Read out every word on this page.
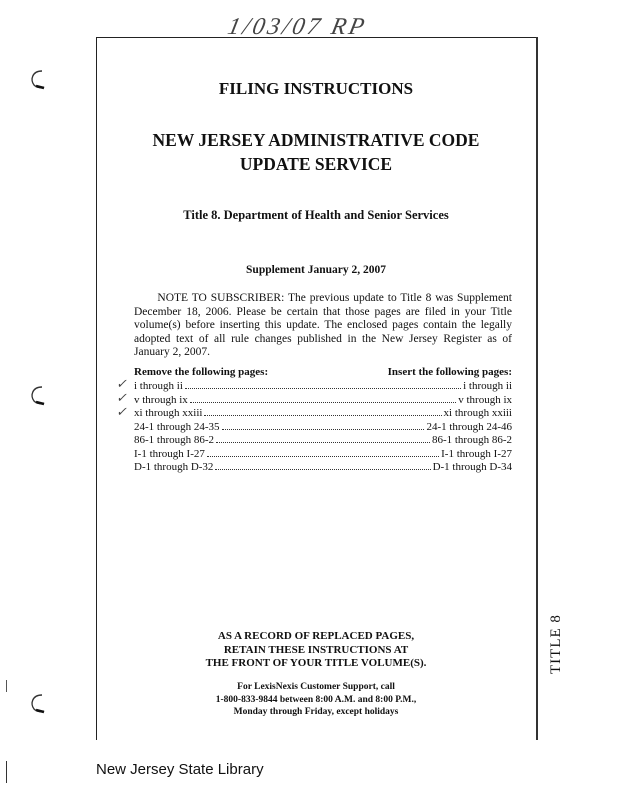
1/03/07 RP
TITLE 8
FILING INSTRUCTIONS
NEW JERSEY ADMINISTRATIVE CODE
UPDATE SERVICE
Title 8. Department of Health and Senior Services
Supplement January 2, 2007
NOTE TO SUBSCRIBER: The previous update to Title 8 was Supplement December 18, 2006. Please be certain that those pages are filed in your Title volume(s) before inserting this update. The enclosed pages contain the legally adopted text of all rule changes published in the New Jersey Register as of January 2, 2007.
Remove the following pages:	Insert the following pages:
✓
✓
✓
i through ii	i through ii
v through ix	v through ix
xi through xxiii	xi through xxiii
24-1 through 24-35	24-1 through 24-46
86-1 through 86-2	86-1 through 86-2
I-1 through I-27	I-1 through I-27
D-1 through D-32	D-1 through D-34
AS A RECORD OF REPLACED PAGES,
RETAIN THESE INSTRUCTIONS AT
THE FRONT OF YOUR TITLE VOLUME(S).
For LexisNexis Customer Support, call
1-800-833-9844 between 8:00 A.M. and 8:00 P.M.,
Monday through Friday, except holidays
New Jersey State Library
